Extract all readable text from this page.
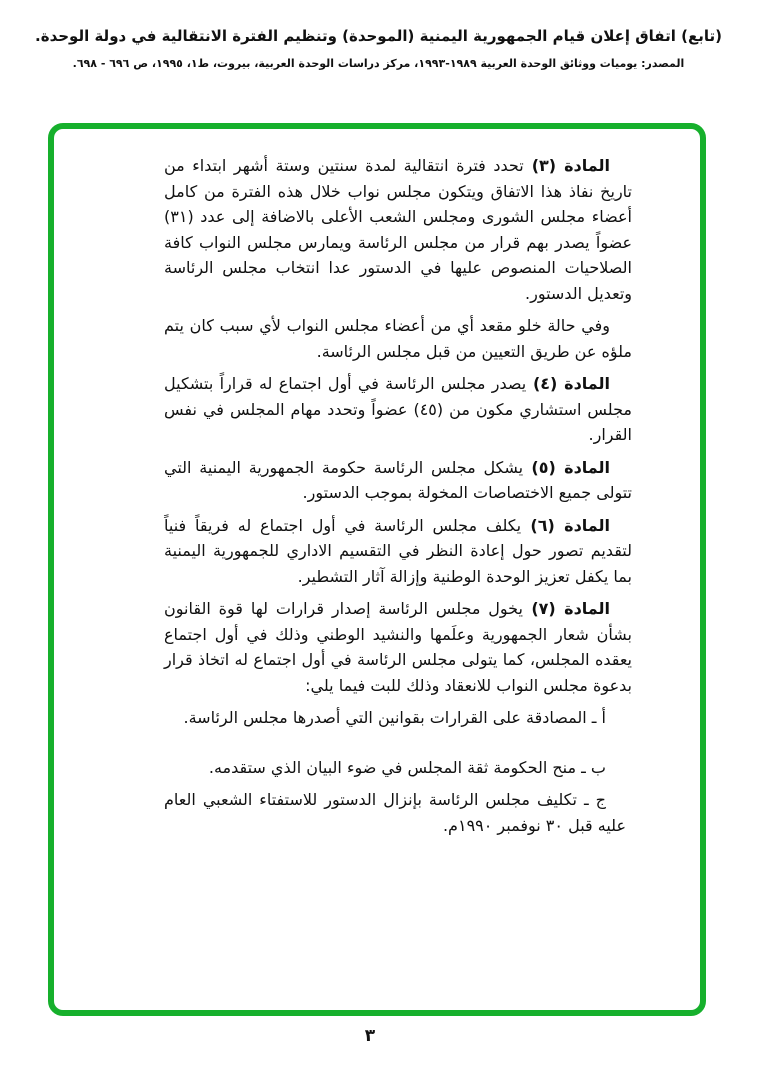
(تابع) اتفاق إعلان قيام الجمهورية اليمنية (الموحدة) وتنظيم الفترة الانتقالية في دولة الوحدة.
المصدر: يوميات ووثائق الوحدة العربية ١٩٨٩-١٩٩٣، مركز دراسات الوحدة العربية، بيروت، ط١، ١٩٩٥، ص ٦٩٦ - ٦٩٨.

المادة (٣) تحدد فترة انتقالية لمدة سنتين وستة أشهر ابتداء من تاريخ نفاذ هذا الاتفاق ويتكون مجلس نواب خلال هذه الفترة من كامل أعضاء مجلس الشورى ومجلس الشعب الأعلى بالاضافة إلى عدد (٣١) عضواً يصدر بهم قرار من مجلس الرئاسة ويمارس مجلس النواب كافة الصلاحيات المنصوص عليها في الدستور عدا انتخاب مجلس الرئاسة وتعديل الدستور.

وفي حالة خلو مقعد أي من أعضاء مجلس النواب لأي سبب كان يتم ملؤه عن طريق التعيين من قبل مجلس الرئاسة.

المادة (٤) يصدر مجلس الرئاسة في أول اجتماع له قراراً بتشكيل مجلس استشاري مكون من (٤٥) عضواً وتحدد مهام المجلس في نفس القرار.

المادة (٥) يشكل مجلس الرئاسة حكومة الجمهورية اليمنية التي تتولى جميع الاختصاصات المخولة بموجب الدستور.

المادة (٦) يكلف مجلس الرئاسة في أول اجتماع له فريقاً فنياً لتقديم تصور حول إعادة النظر في التقسيم الاداري للجمهورية اليمنية بما يكفل تعزيز الوحدة الوطنية وإزالة آثار التشطير.

المادة (٧) يخول مجلس الرئاسة إصدار قرارات لها قوة القانون بشأن شعار الجمهورية وعلَمها والنشيد الوطني وذلك في أول اجتماع يعقده المجلس، كما يتولى مجلس الرئاسة في أول اجتماع له اتخاذ قرار بدعوة مجلس النواب للانعقاد وذلك للبت فيما يلي:

أ ـ المصادقة على القرارات بقوانين التي أصدرها مجلس الرئاسة.

ب ـ منح الحكومة ثقة المجلس في ضوء البيان الذي ستقدمه.

ج ـ تكليف مجلس الرئاسة بإنزال الدستور للاستفتاء الشعبي العام عليه قبل ٣٠ نوفمبر ١٩٩٠م.

٣
